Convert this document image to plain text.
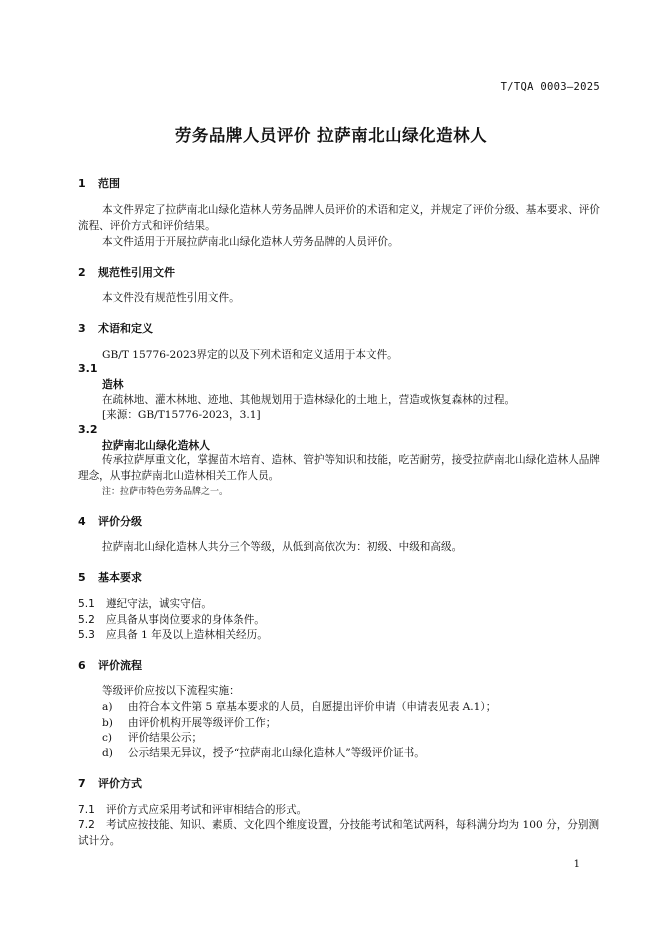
T/TQA 0003—2025
劳务品牌人员评价 拉萨南北山绿化造林人
1 范围
本文件界定了拉萨南北山绿化造林人劳务品牌人员评价的术语和定义，并规定了评价分级、基本要求、评价流程、评价方式和评价结果。
本文件适用于开展拉萨南北山绿化造林人劳务品牌的人员评价。
2 规范性引用文件
本文件没有规范性引用文件。
3 术语和定义
GB/T 15776-2023界定的以及下列术语和定义适用于本文件。
3.1
造林
在疏林地、灌木林地、迹地、其他规划用于造林绿化的土地上，营造或恢复森林的过程。
[来源：GB/T15776-2023，3.1]
3.2
拉萨南北山绿化造林人
传承拉萨厚重文化，掌握苗木培育、造林、管护等知识和技能，吃苦耐劳，接受拉萨南北山绿化造林人品牌理念，从事拉萨南北山造林相关工作人员。
注：拉萨市特色劳务品牌之一。
4 评价分级
拉萨南北山绿化造林人共分三个等级，从低到高依次为：初级、中级和高级。
5 基本要求
5.1 遵纪守法，诚实守信。
5.2 应具备从事岗位要求的身体条件。
5.3 应具备 1 年及以上造林相关经历。
6 评价流程
等级评价应按以下流程实施：
a) 由符合本文件第 5 章基本要求的人员，自愿提出评价申请（申请表见表 A.1）；
b) 由评价机构开展等级评价工作；
c) 评价结果公示；
d) 公示结果无异议，授予“拉萨南北山绿化造林人”等级评价证书。
7 评价方式
7.1 评价方式应采用考试和评审相结合的形式。
7.2 考试应按技能、知识、素质、文化四个维度设置，分技能考试和笔试两科，每科满分均为 100 分，分别测试计分。
1
